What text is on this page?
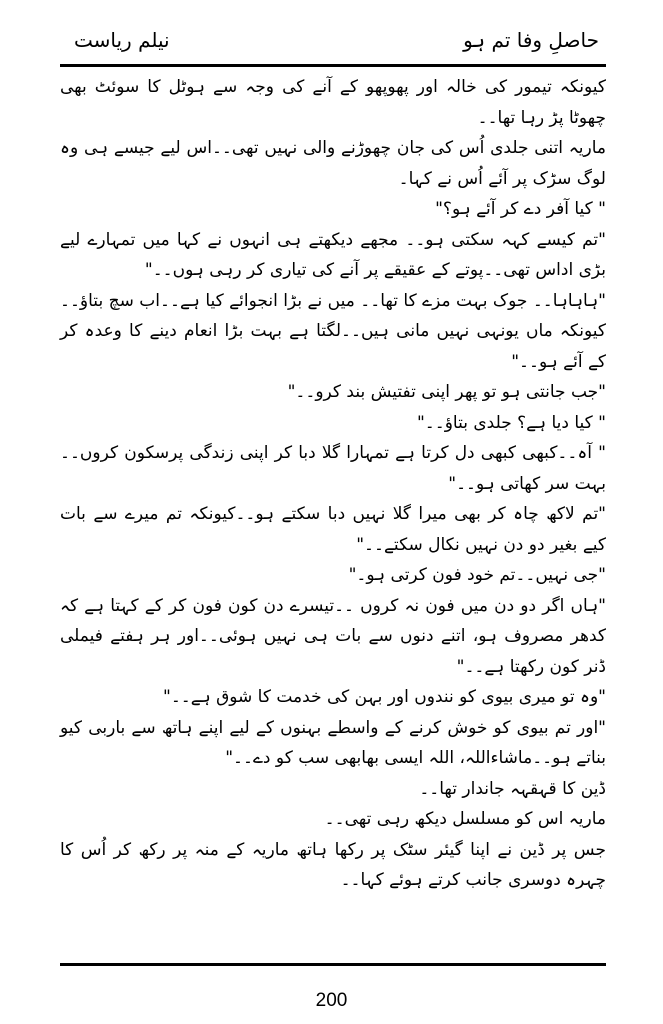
حاصلِ وفا تم ہو
نیلم ریاست

کیونکہ تیمور کی خالہ اور پھوپھو کے آنے کی وجہ سے ہوٹل کا سوئٹ بھی چھوٹا پڑ رہا تھا۔۔

ماریہ اتنی جلدی اُس کی جان چھوڑنے والی نہیں تھی۔۔اس لیے جیسے ہی وہ لوگ سڑک پر آئے اُس نے کہا۔

" کیا آفر دے کر آئے ہو؟"

"تم کیسے کہہ سکتی ہو۔۔ مجھے دیکھتے ہی انہوں نے کہا میں تمہارے لیے بڑی اداس تھی۔۔پوتے کے عقیقے پر آنے کی تیاری کر رہی ہوں۔۔"

"ہاہاہا۔۔ جوک بہت مزے کا تھا۔۔ میں نے بڑا انجوائے کیا ہے۔۔اب سچ بتاؤ۔۔کیونکہ ماں یونہی نہیں مانی ہیں۔۔لگتا ہے بہت بڑا انعام دینے کا وعدہ کر کے آئے ہو۔۔"

"جب جانتی ہو تو پھر اپنی تفتیش بند کرو۔۔"

" کیا دیا ہے؟ جلدی بتاؤ۔۔"

" آہ۔۔کبھی کبھی دل کرتا ہے تمہارا گلا دبا کر اپنی زندگی پرسکون کروں۔۔ بہت سر کھاتی ہو۔۔"

"تم لاکھ چاہ کر بھی میرا گلا نہیں دبا سکتے ہو۔۔کیونکہ تم میرے سے بات کیے بغیر دو دن نہیں نکال سکتے۔۔"

"جی نہیں۔۔تم خود فون کرتی ہو۔"

"ہاں اگر دو دن میں فون نہ کروں ۔۔تیسرے دن کون فون کر کے کہتا ہے کہ کدھر مصروف ہو، اتنے دنوں سے بات ہی نہیں ہوئی۔۔اور ہر ہفتے فیملی ڈنر کون رکھتا ہے۔۔"

"وہ تو میری بیوی کو نندوں اور بہن کی خدمت کا شوق ہے۔۔"

"اور تم بیوی کو خوش کرنے کے واسطے بہنوں کے لیے اپنے ہاتھ سے باربی کیو بناتے ہو۔۔ماشاءاللہ، اللہ ایسی بھابھی سب کو دے۔۔"

ڈین کا قہقہہ جاندار تھا۔۔

ماریہ اس کو مسلسل دیکھ رہی تھی۔۔

جس پر ڈین نے اپنا گیئر سٹک پر رکھا ہاتھ ماریہ کے منہ پر رکھ کر اُس کا چہرہ دوسری جانب کرتے ہوئے کہا۔۔

200
